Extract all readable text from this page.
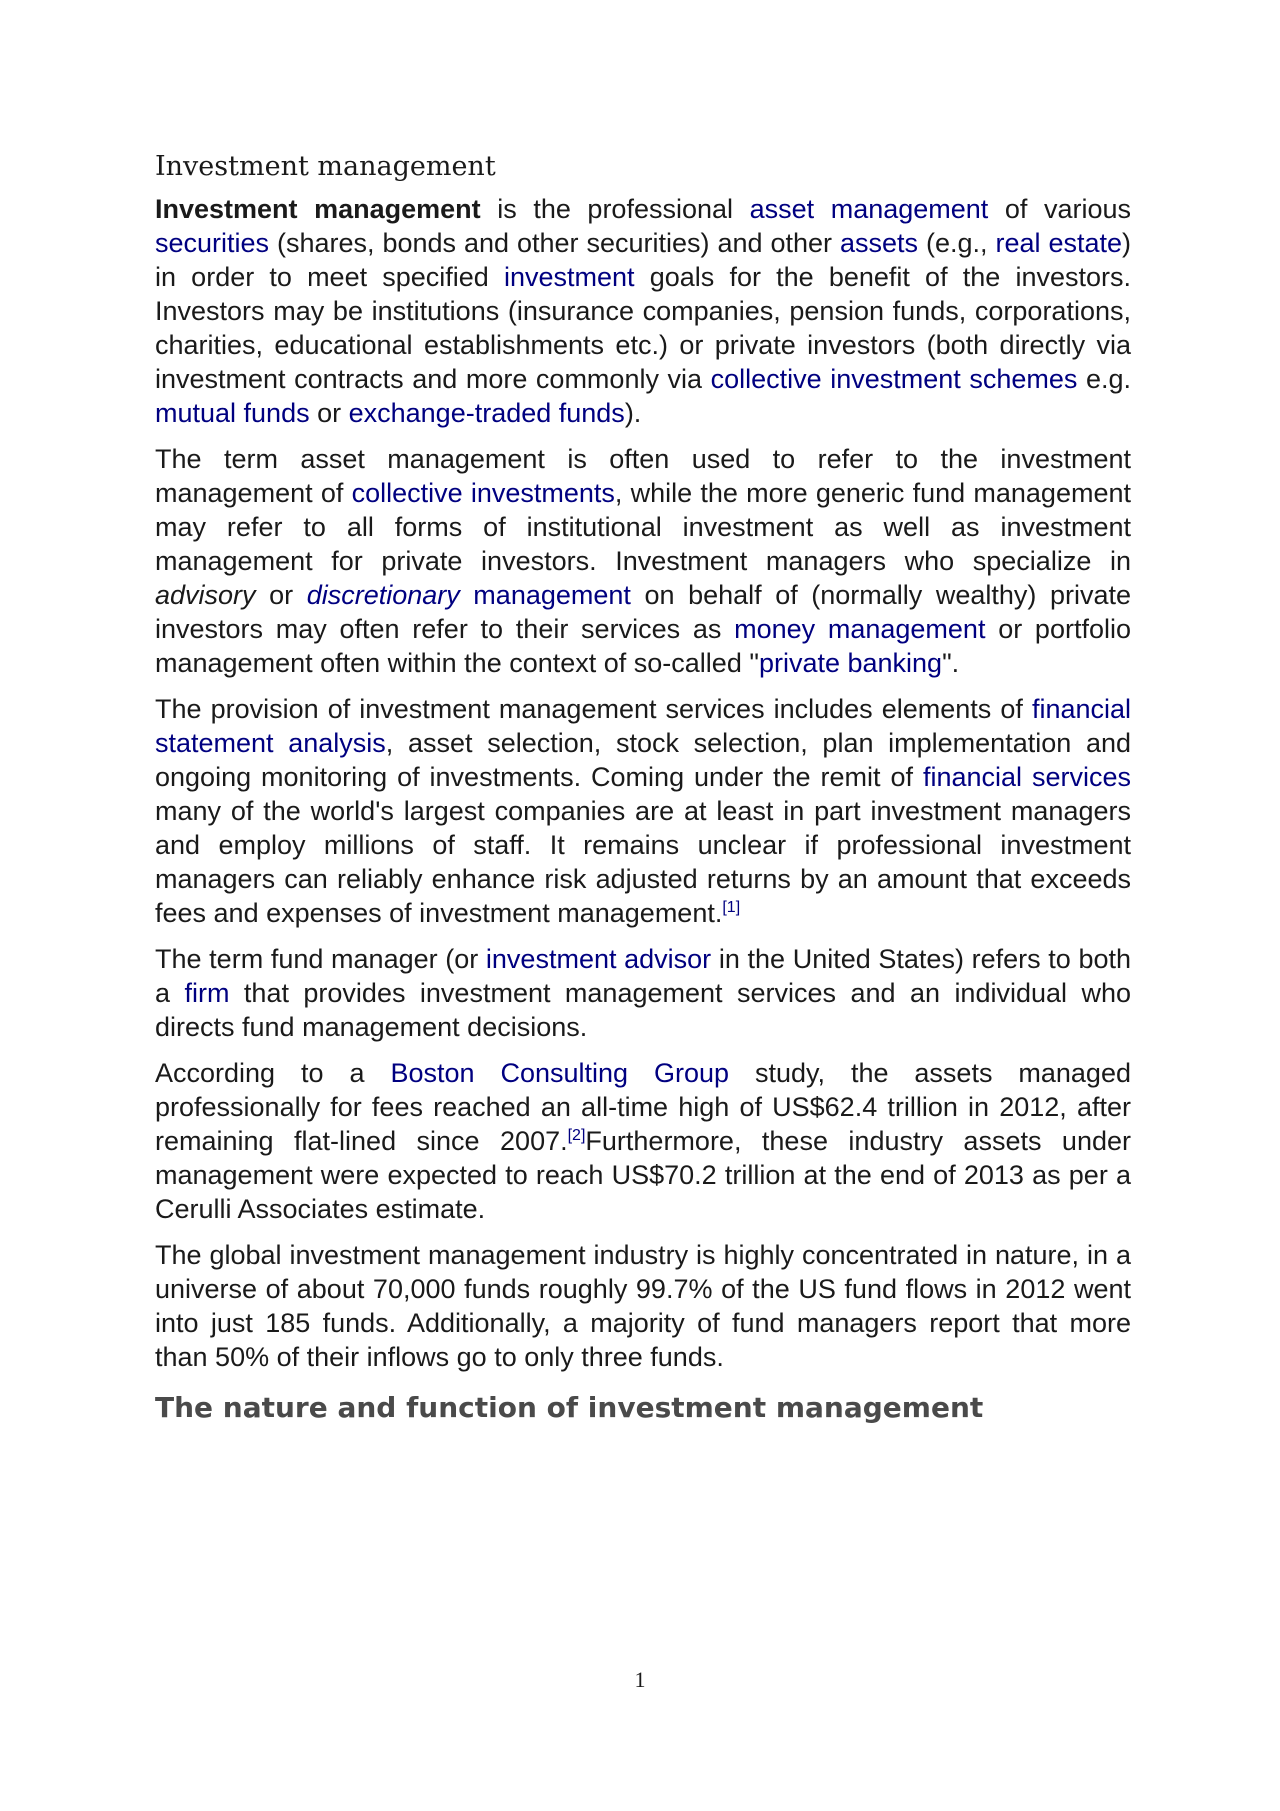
Investment management

Investment management is the professional asset management of various securities (shares, bonds and other securities) and other assets (e.g., real estate) in order to meet specified investment goals for the benefit of the investors. Investors may be institutions (insurance companies, pension funds, corporations, charities, educational establishments etc.) or private investors (both directly via investment contracts and more commonly via collective investment schemes e.g. mutual funds or exchange-traded funds).

The term asset management is often used to refer to the investment management of collective investments, while the more generic fund management may refer to all forms of institutional investment as well as investment management for private investors. Investment managers who specialize in advisory or discretionary management on behalf of (normally wealthy) private investors may often refer to their services as money management or portfolio management often within the context of so-called "private banking".

The provision of investment management services includes elements of financial statement analysis, asset selection, stock selection, plan implementation and ongoing monitoring of investments. Coming under the remit of financial services many of the world's largest companies are at least in part investment managers and employ millions of staff. It remains unclear if professional investment managers can reliably enhance risk adjusted returns by an amount that exceeds fees and expenses of investment management.[1]

The term fund manager (or investment advisor in the United States) refers to both a firm that provides investment management services and an individual who directs fund management decisions.

According to a Boston Consulting Group study, the assets managed professionally for fees reached an all-time high of US$62.4 trillion in 2012, after remaining flat-lined since 2007.[2]Furthermore, these industry assets under management were expected to reach US$70.2 trillion at the end of 2013 as per a Cerulli Associates estimate.

The global investment management industry is highly concentrated in nature, in a universe of about 70,000 funds roughly 99.7% of the US fund flows in 2012 went into just 185 funds. Additionally, a majority of fund managers report that more than 50% of their inflows go to only three funds.

The nature and function of investment management
1
